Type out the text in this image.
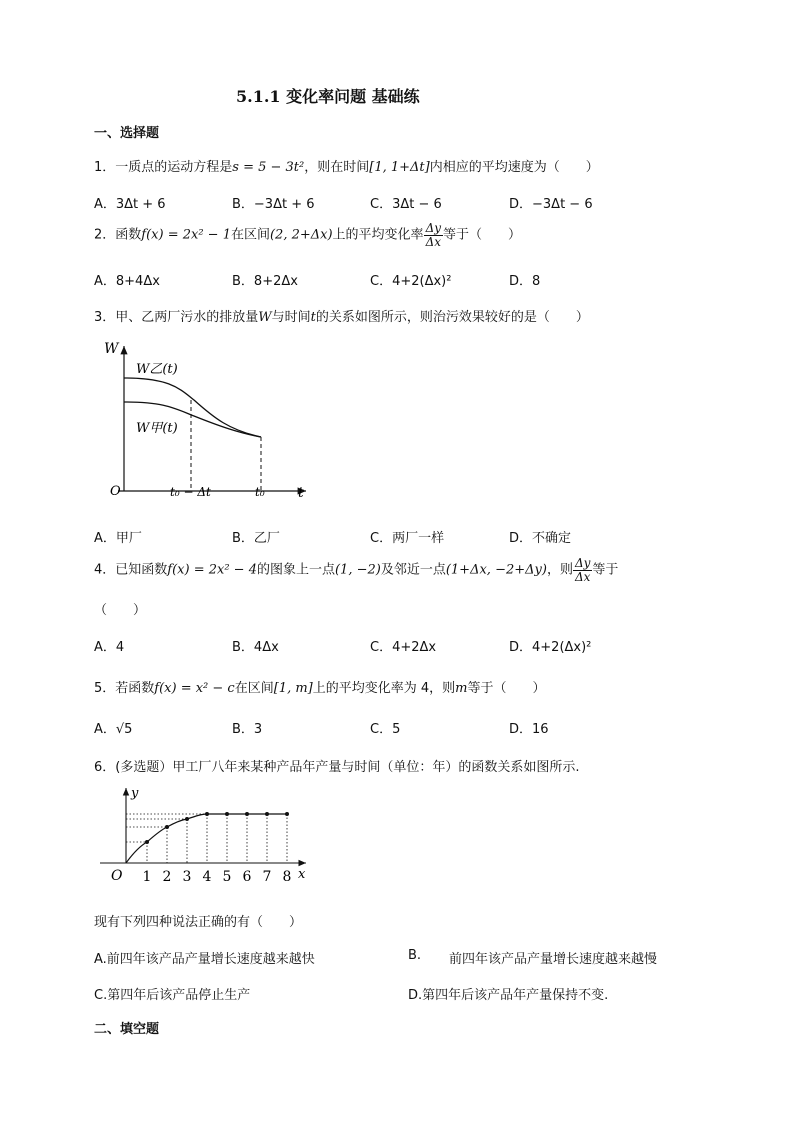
5.1.1 变化率问题 基础练
一、选择题
1．一质点的运动方程是s = 5 − 3t²，则在时间[1, 1+Δt]内相应的平均速度为（　　）
A．3Δt + 6	B．−3Δt + 6	C．3Δt − 6	D．−3Δt − 6
2．函数f(x) = 2x² − 1在区间(2, 2+Δx)上的平均变化率 $\frac{\Delta y}{\Delta x}$ 等于（　　）
A．8+4Δx	B．8+2Δx	C．4+2(Δx)²	D．8
3．甲、乙两厂污水的排放量W与时间t的关系如图所示，则治污效果较好的是（　　）
W
t
O
W乙(t)
W甲(t)
t₀ − Δt	t₀
A．甲厂	B．乙厂	C．两厂一样	D．不确定
4．已知函数f(x) = 2x² − 4的图象上一点(1, −2)及邻近一点(1+Δx, −2+Δy)，则 $\frac{\Delta y}{\Delta x}$ 等于
（　　）
A．4	B．4Δx	C．4+2Δx	D．4+2(Δx)²
5．若函数f(x) = x² − c在区间[1, m]上的平均变化率为 4，则m等于（　　）
A．√5	B．3	C．5	D．16
6．(多选题）甲工厂八年来某种产品年产量与时间（单位：年）的函数关系如图所示.
y
x
O 1 2 3 4 5 6 7 8
现有下列四种说法正确的有（　　）
A.前四年该产品产量增长速度越来越快	B. 前四年该产品产量增长速度越来越慢
C.第四年后该产品停止生产	D.第四年后该产品年产量保持不变.
二、填空题
